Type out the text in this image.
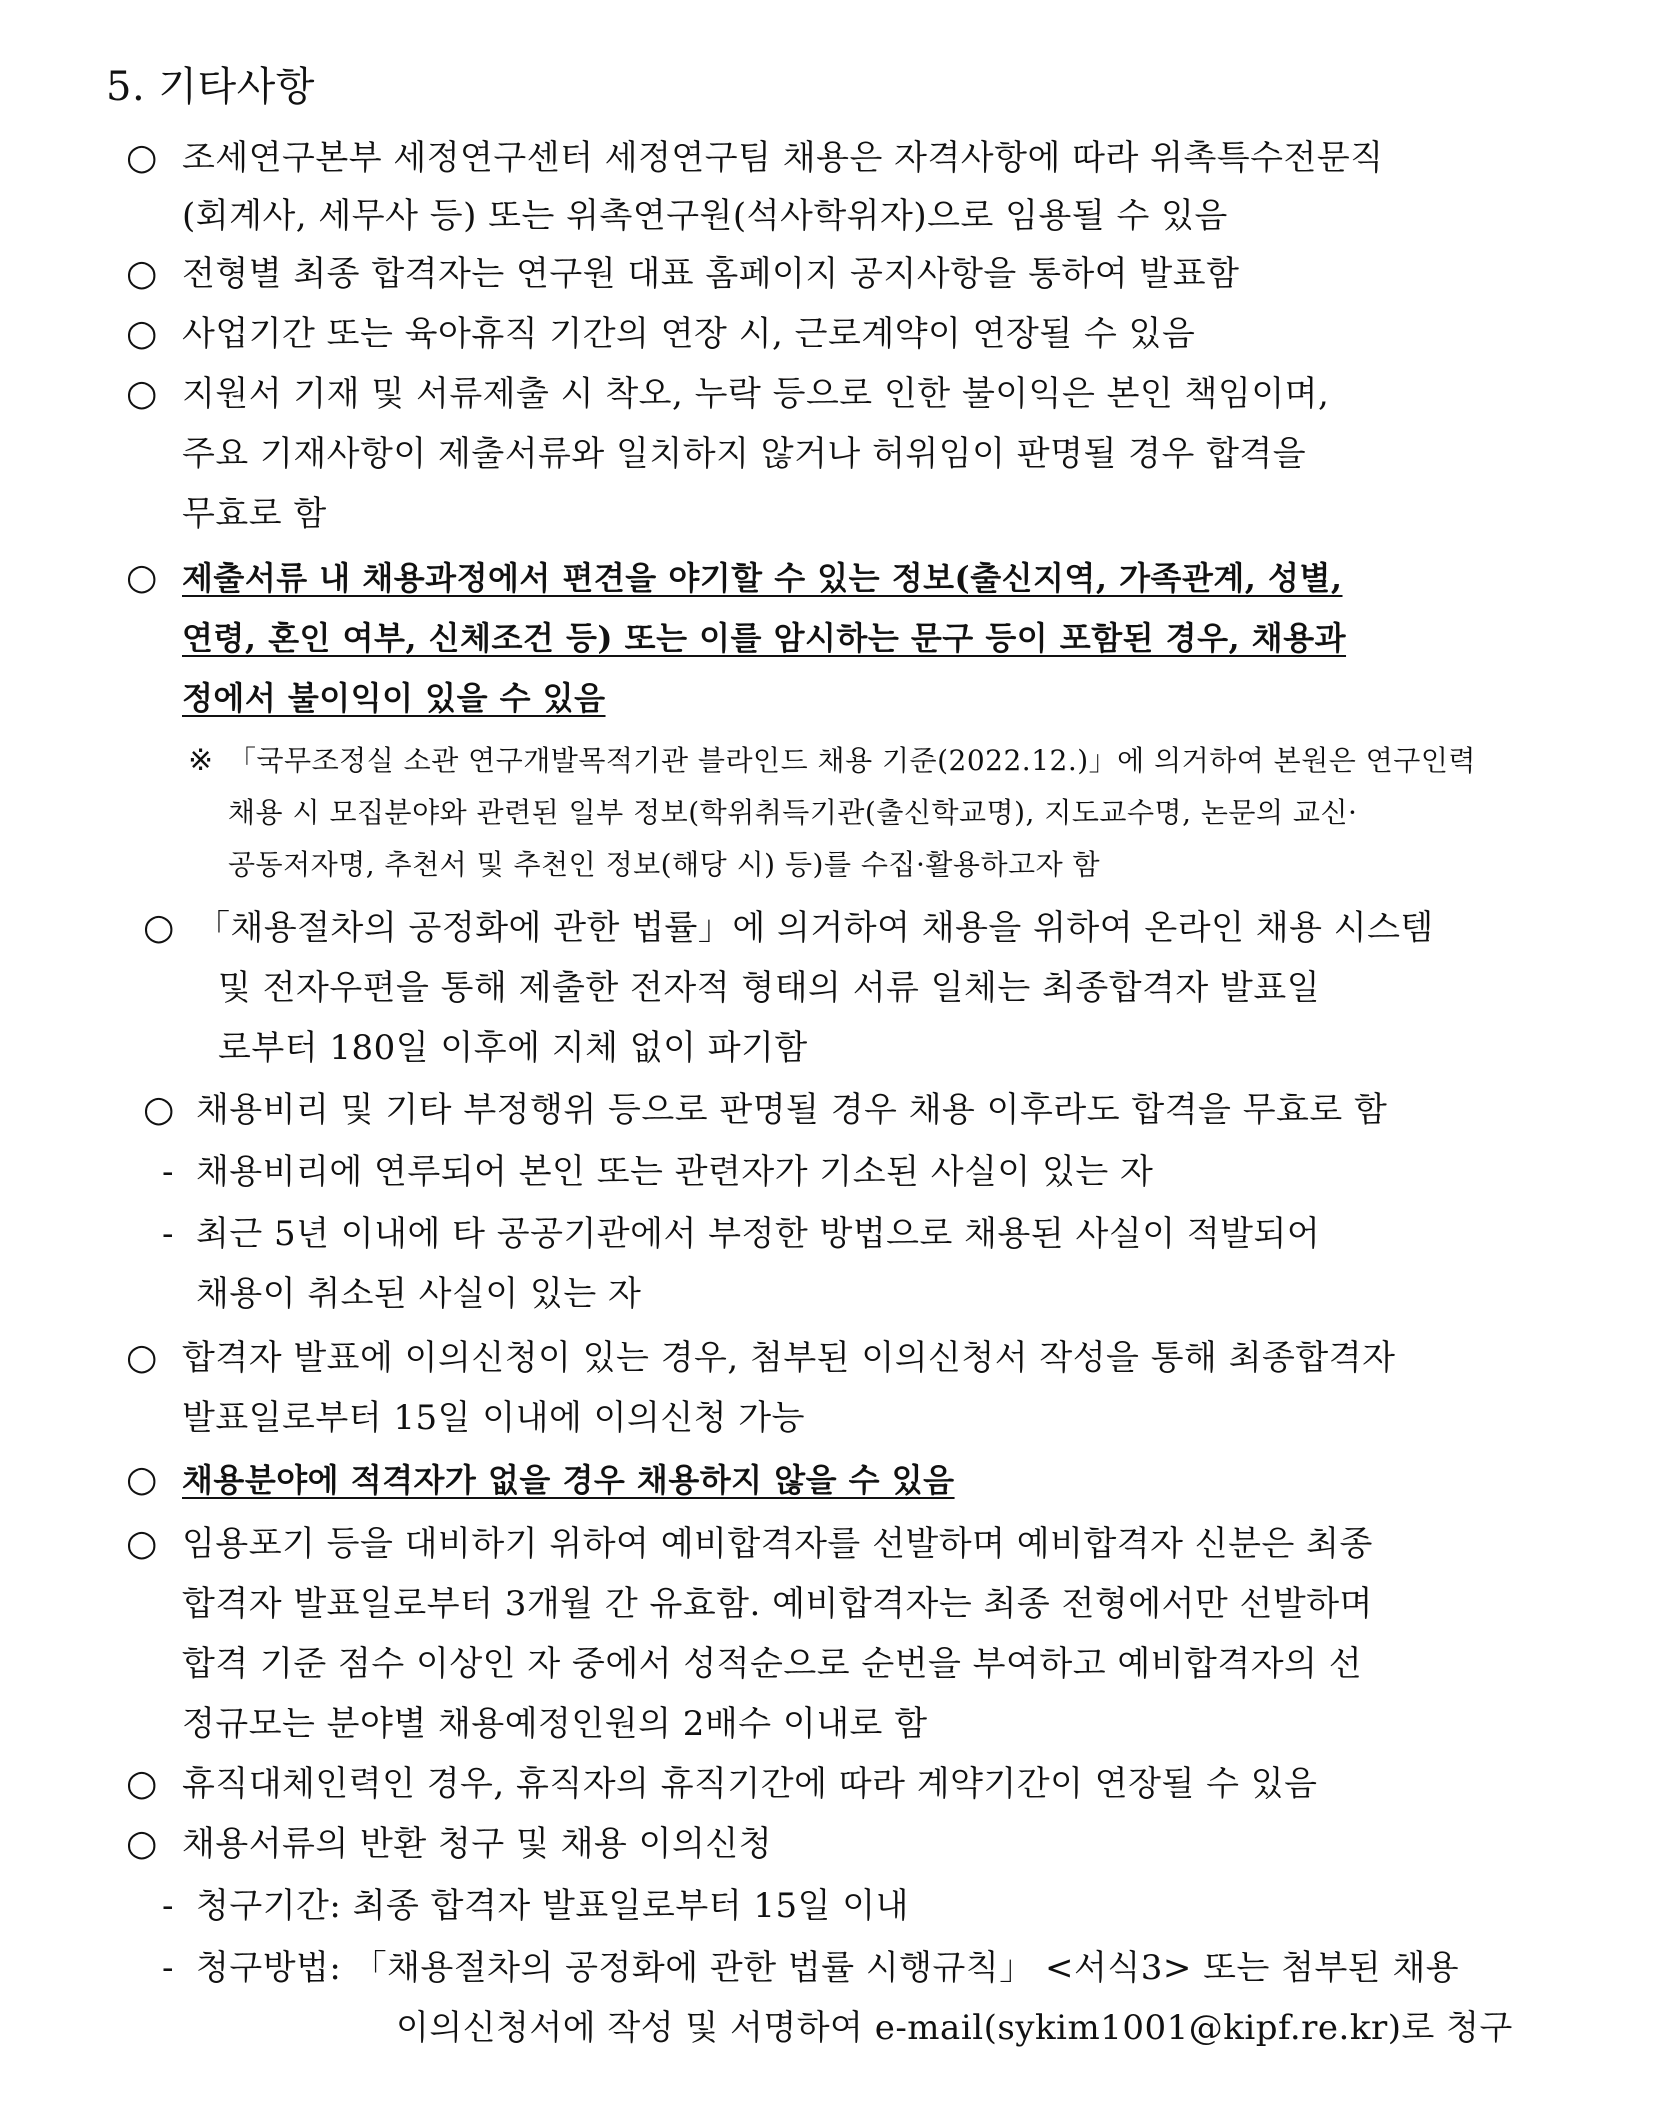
5. 기타사항
○ 조세연구본부 세정연구센터 세정연구팀 채용은 자격사항에 따라 위촉특수전문직
(회계사, 세무사 등) 또는 위촉연구원(석사학위자)으로 임용될 수 있음
○ 전형별 최종 합격자는 연구원 대표 홈페이지 공지사항을 통하여 발표함
○ 사업기간 또는 육아휴직 기간의 연장 시, 근로계약이 연장될 수 있음
○ 지원서 기재 및 서류제출 시 착오, 누락 등으로 인한 불이익은 본인 책임이며,
주요 기재사항이 제출서류와 일치하지 않거나 허위임이 판명될 경우 합격을
무효로 함
○ 제출서류 내 채용과정에서 편견을 야기할 수 있는 정보(출신지역, 가족관계, 성별,
연령, 혼인 여부, 신체조건 등) 또는 이를 암시하는 문구 등이 포함된 경우, 채용과
정에서 불이익이 있을 수 있음
※ 「국무조정실 소관 연구개발목적기관 블라인드 채용 기준(2022.12.)」에 의거하여 본원은 연구인력
채용 시 모집분야와 관련된 일부 정보(학위취득기관(출신학교명), 지도교수명, 논문의 교신·
공동저자명, 추천서 및 추천인 정보(해당 시) 등)를 수집·활용하고자 함
○ 「채용절차의 공정화에 관한 법률」에 의거하여 채용을 위하여 온라인 채용 시스템
및 전자우편을 통해 제출한 전자적 형태의 서류 일체는 최종합격자 발표일
로부터 180일 이후에 지체 없이 파기함
○ 채용비리 및 기타 부정행위 등으로 판명될 경우 채용 이후라도 합격을 무효로 함
- 채용비리에 연루되어 본인 또는 관련자가 기소된 사실이 있는 자
- 최근 5년 이내에 타 공공기관에서 부정한 방법으로 채용된 사실이 적발되어
채용이 취소된 사실이 있는 자
○ 합격자 발표에 이의신청이 있는 경우, 첨부된 이의신청서 작성을 통해 최종합격자
발표일로부터 15일 이내에 이의신청 가능
○ 채용분야에 적격자가 없을 경우 채용하지 않을 수 있음
○ 임용포기 등을 대비하기 위하여 예비합격자를 선발하며 예비합격자 신분은 최종
합격자 발표일로부터 3개월 간 유효함. 예비합격자는 최종 전형에서만 선발하며
합격 기준 점수 이상인 자 중에서 성적순으로 순번을 부여하고 예비합격자의 선
정규모는 분야별 채용예정인원의 2배수 이내로 함
○ 휴직대체인력인 경우, 휴직자의 휴직기간에 따라 계약기간이 연장될 수 있음
○ 채용서류의 반환 청구 및 채용 이의신청
- 청구기간: 최종 합격자 발표일로부터 15일 이내
- 청구방법: 「채용절차의 공정화에 관한 법률 시행규칙」 <서식3> 또는 첨부된 채용
이의신청서에 작성 및 서명하여 e-mail(sykim1001@kipf.re.kr)로 청구
